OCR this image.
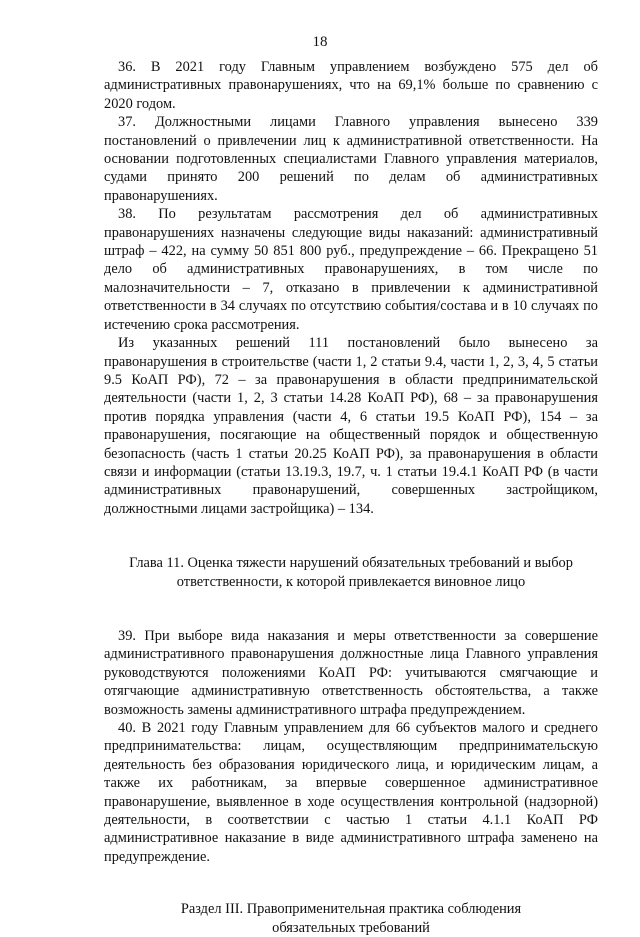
18

36. В 2021 году Главным управлением возбуждено 575 дел об административных правонарушениях, что на 69,1% больше по сравнению с 2020 годом.

37. Должностными лицами Главного управления вынесено 339 постановлений о привлечении лиц к административной ответственности. На основании подготовленных специалистами Главного управления материалов, судами принято 200 решений по делам об административных правонарушениях.

38. По результатам рассмотрения дел об административных правонарушениях назначены следующие виды наказаний: административный штраф – 422, на сумму 50 851 800 руб., предупреждение – 66. Прекращено 51 дело об административных правонарушениях, в том числе по малозначительности – 7, отказано в привлечении к административной ответственности в 34 случаях по отсутствию события/состава и в 10 случаях по истечению срока рассмотрения.

Из указанных решений 111 постановлений было вынесено за правонарушения в строительстве (части 1, 2 статьи 9.4, части 1, 2, 3, 4, 5 статьи 9.5 КоАП РФ), 72 – за правонарушения в области предпринимательской деятельности (части 1, 2, 3 статьи 14.28 КоАП РФ), 68 – за правонарушения против порядка управления (части 4, 6 статьи 19.5 КоАП РФ), 154 – за правонарушения, посягающие на общественный порядок и общественную безопасность (часть 1 статьи 20.25 КоАП РФ), за правонарушения в области связи и информации (статьи 13.19.3, 19.7, ч. 1 статьи 19.4.1 КоАП РФ (в части административных правонарушений, совершенных застройщиком, должностными лицами застройщика) – 134.

Глава 11. Оценка тяжести нарушений обязательных требований и выбор
ответственности, к которой привлекается виновное лицо

39. При выборе вида наказания и меры ответственности за совершение административного правонарушения должностные лица Главного управления руководствуются положениями КоАП РФ: учитываются смягчающие и отягчающие административную ответственность обстоятельства, а также возможность замены административного штрафа предупреждением.

40. В 2021 году Главным управлением для 66 субъектов малого и среднего предпринимательства: лицам, осуществляющим предпринимательскую деятельность без образования юридического лица, и юридическим лицам, а также их работникам, за впервые совершенное административное правонарушение, выявленное в ходе осуществления контрольной (надзорной) деятельности, в соответствии с частью 1 статьи 4.1.1 КоАП РФ административное наказание в виде административного штрафа заменено на предупреждение.

Раздел III. Правоприменительная практика соблюдения
обязательных требований
